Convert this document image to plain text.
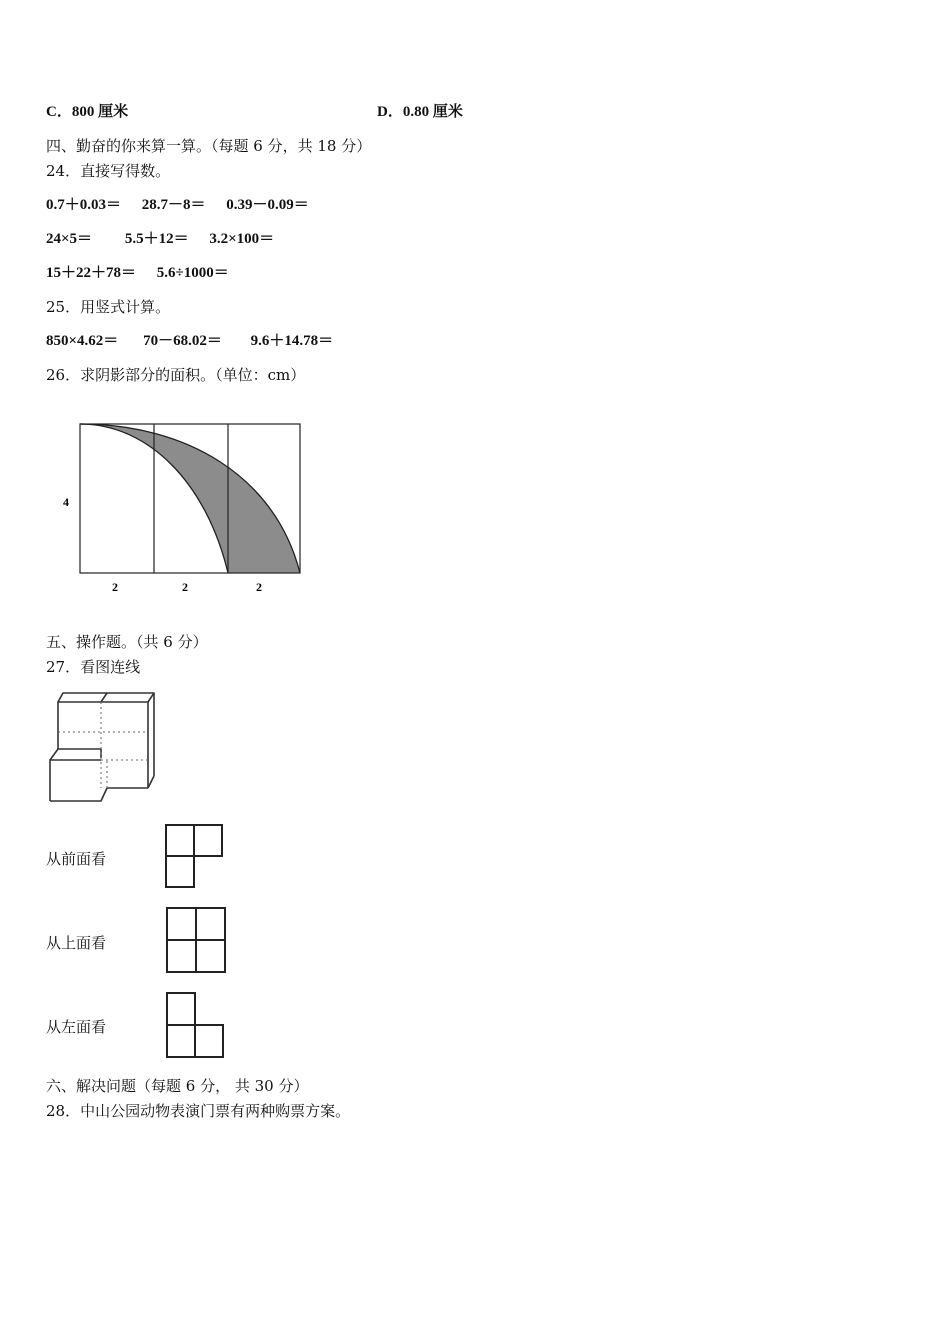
C．800 厘米	D．0.80 厘米
四、勤奋的你来算一算。（每题 6 分，共 18 分）
24．直接写得数。
0.7＋0.03＝ 28.7－8＝ 0.39－0.09＝
24×5＝ 5.5＋12＝ 3.2×100＝
15＋22＋78＝ 5.6÷1000＝
25．用竖式计算。
850×4.62＝ 70－68.02＝ 9.6＋14.78＝
26．求阴影部分的面积。（单位：cm）
4
2	2	2
五、操作题。（共 6 分）
27．看图连线
从前面看
从上面看
从左面看
六、解决问题（每题 6 分， 共 30 分）
28．中山公园动物表演门票有两种购票方案。
